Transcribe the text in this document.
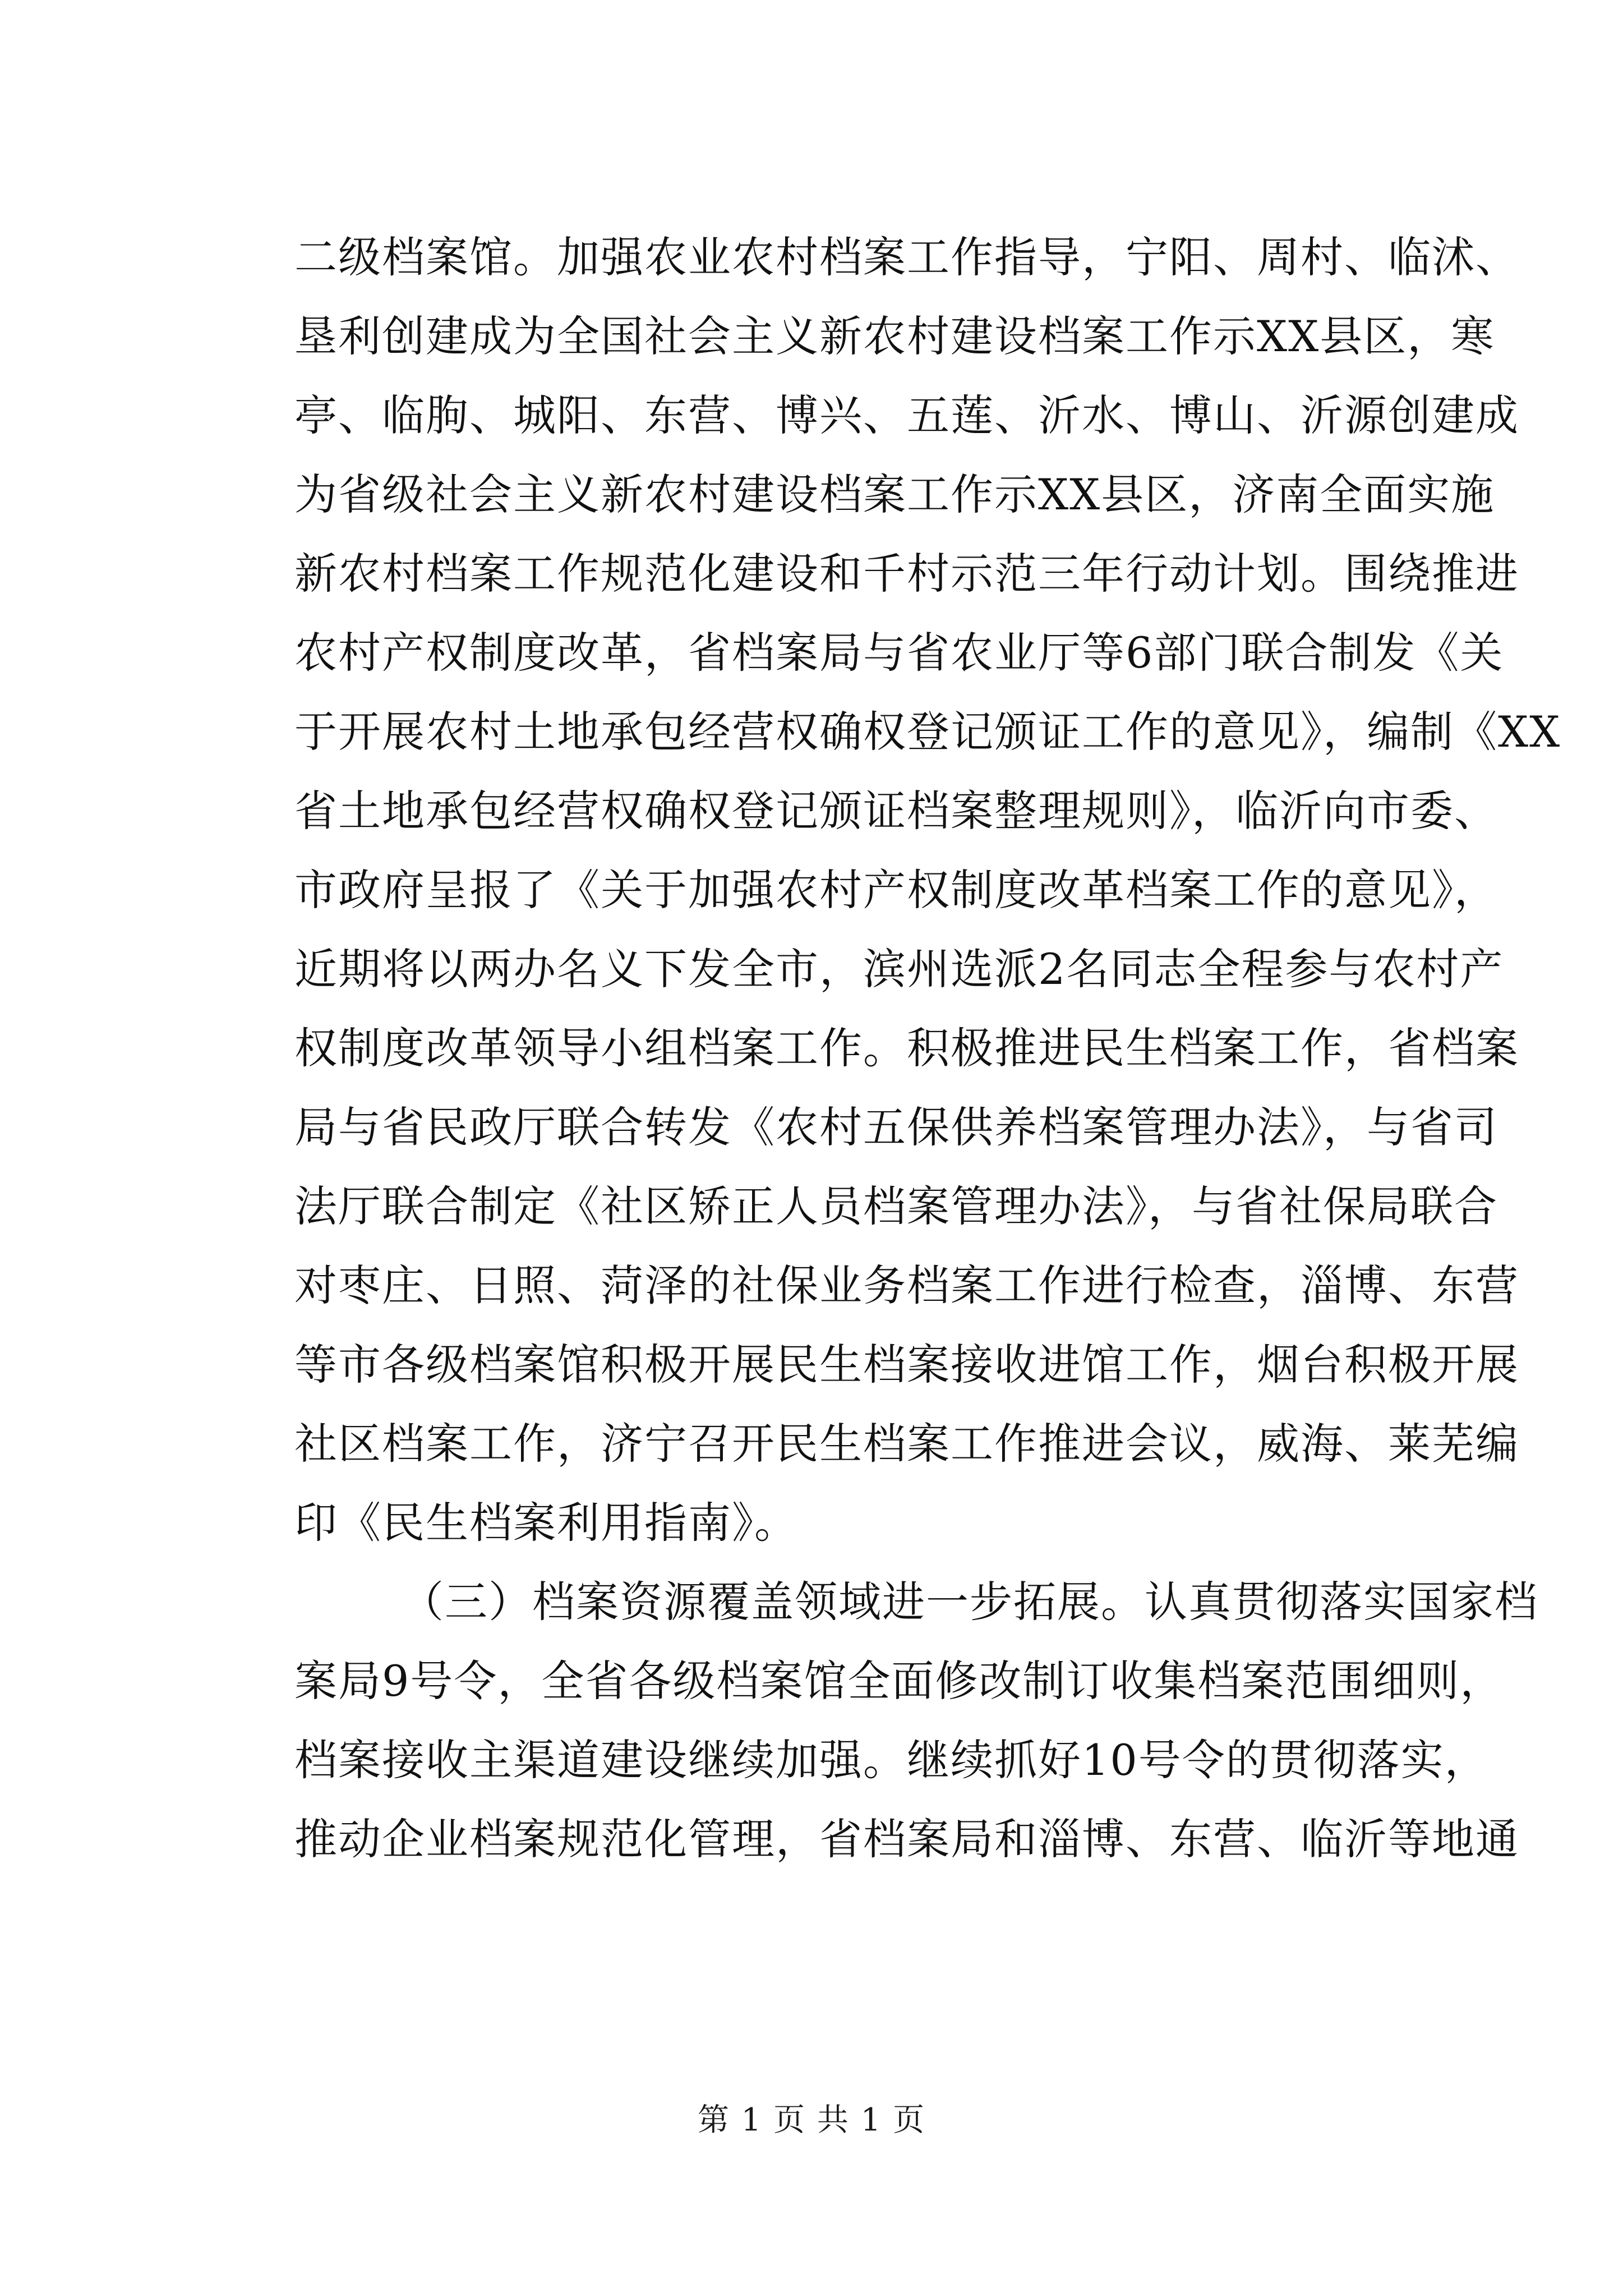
二级档案馆。加强农业农村档案工作指导，宁阳、周村、临沭、
垦利创建成为全国社会主义新农村建设档案工作示XX县区，寒
亭、临朐、城阳、东营、博兴、五莲、沂水、博山、沂源创建成
为省级社会主义新农村建设档案工作示XX县区，济南全面实施
新农村档案工作规范化建设和千村示范三年行动计划。围绕推进
农村产权制度改革，省档案局与省农业厅等6部门联合制发《关
于开展农村土地承包经营权确权登记颁证工作的意见》，编制《XX
省土地承包经营权确权登记颁证档案整理规则》，临沂向市委、
市政府呈报了《关于加强农村产权制度改革档案工作的意见》，
近期将以两办名义下发全市，滨州选派2名同志全程参与农村产
权制度改革领导小组档案工作。积极推进民生档案工作，省档案
局与省民政厅联合转发《农村五保供养档案管理办法》，与省司
法厅联合制定《社区矫正人员档案管理办法》，与省社保局联合
对枣庄、日照、菏泽的社保业务档案工作进行检查，淄博、东营
等市各级档案馆积极开展民生档案接收进馆工作，烟台积极开展
社区档案工作，济宁召开民生档案工作推进会议，威海、莱芜编
印《民生档案利用指南》。
（三）档案资源覆盖领域进一步拓展。认真贯彻落实国家档
案局9号令，全省各级档案馆全面修改制订收集档案范围细则，
档案接收主渠道建设继续加强。继续抓好10号令的贯彻落实，
推动企业档案规范化管理，省档案局和淄博、东营、临沂等地通
第 1 页 共 1 页
